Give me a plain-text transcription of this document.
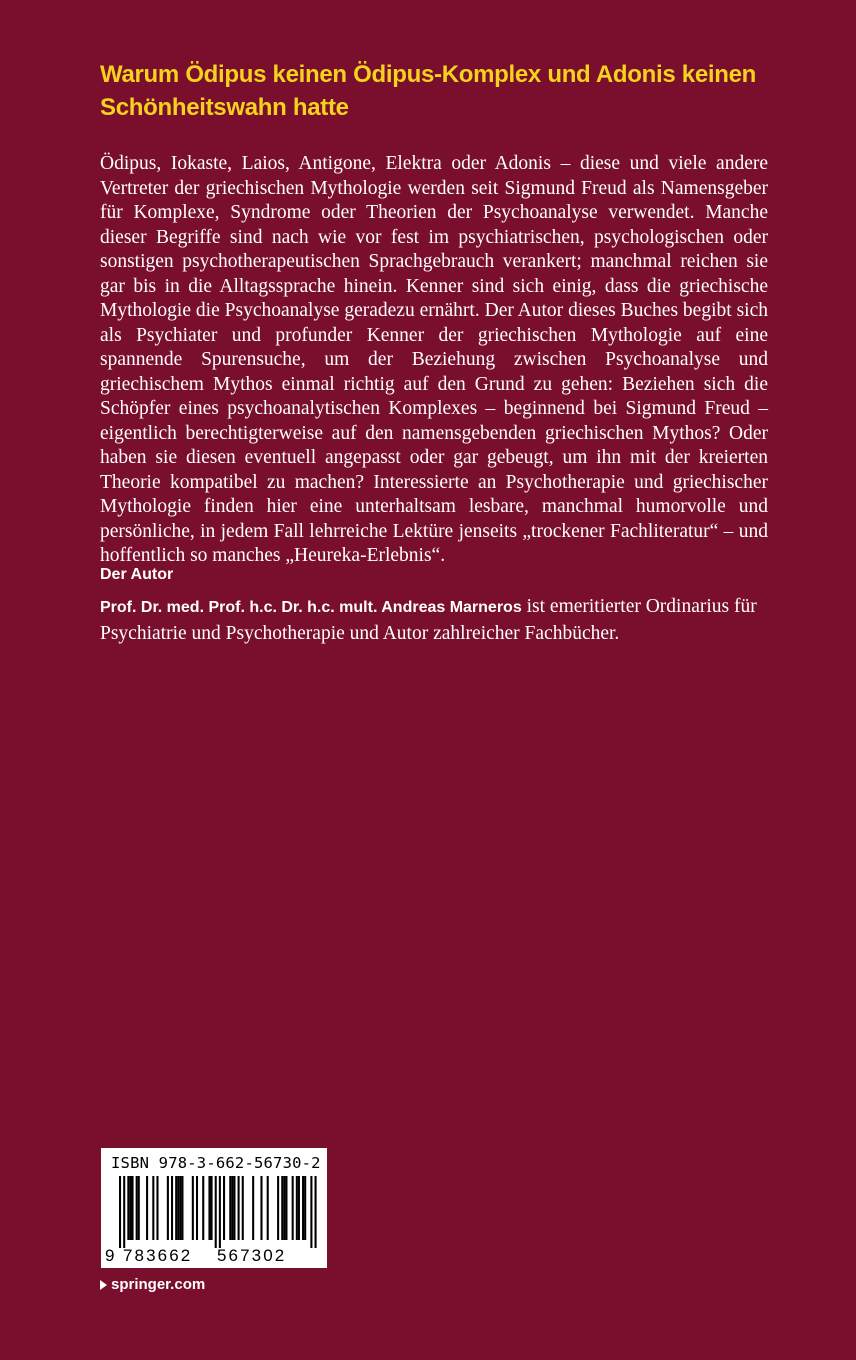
Warum Ödipus keinen Ödipus-Komplex und Adonis keinen Schönheitswahn hatte

Ödipus, Iokaste, Laios, Antigone, Elektra oder Adonis – diese und viele andere Vertreter der griechischen Mythologie werden seit Sigmund Freud als Namensgeber für Komplexe, Syndrome oder Theorien der Psychoanalyse verwendet. Manche dieser Begriffe sind nach wie vor fest im psychiatrischen, psychologischen oder sonstigen psychotherapeutischen Sprachgebrauch verankert; manchmal reichen sie gar bis in die Alltagssprache hinein. Kenner sind sich einig, dass die griechische Mythologie die Psychoanalyse geradezu ernährt. Der Autor dieses Buches begibt sich als Psychiater und profunder Kenner der griechischen Mythologie auf eine spannende Spurensuche, um der Beziehung zwischen Psychoanalyse und griechischem Mythos einmal richtig auf den Grund zu gehen: Beziehen sich die Schöpfer eines psychoanalytischen Komplexes – beginnend bei Sigmund Freud – eigentlich berechtigterweise auf den namensgebenden griechischen Mythos? Oder haben sie diesen eventuell angepasst oder gar gebeugt, um ihn mit der kreierten Theorie kompatibel zu machen? Interessierte an Psychotherapie und griechischer Mythologie finden hier eine unterhaltsam lesbare, manchmal humorvolle und persönliche, in jedem Fall lehrreiche Lektüre jenseits „trockener Fachliteratur“ – und hoffentlich so manches „Heureka-Erlebnis“.

Der Autor

Prof. Dr. med. Prof. h.c. Dr. h.c. mult. Andreas Marneros ist emeritierter Ordinarius für Psychiatrie und Psychotherapie und Autor zahlreicher Fachbücher.

ISBN 978-3-662-56730-2
9 783662 567302
springer.com
